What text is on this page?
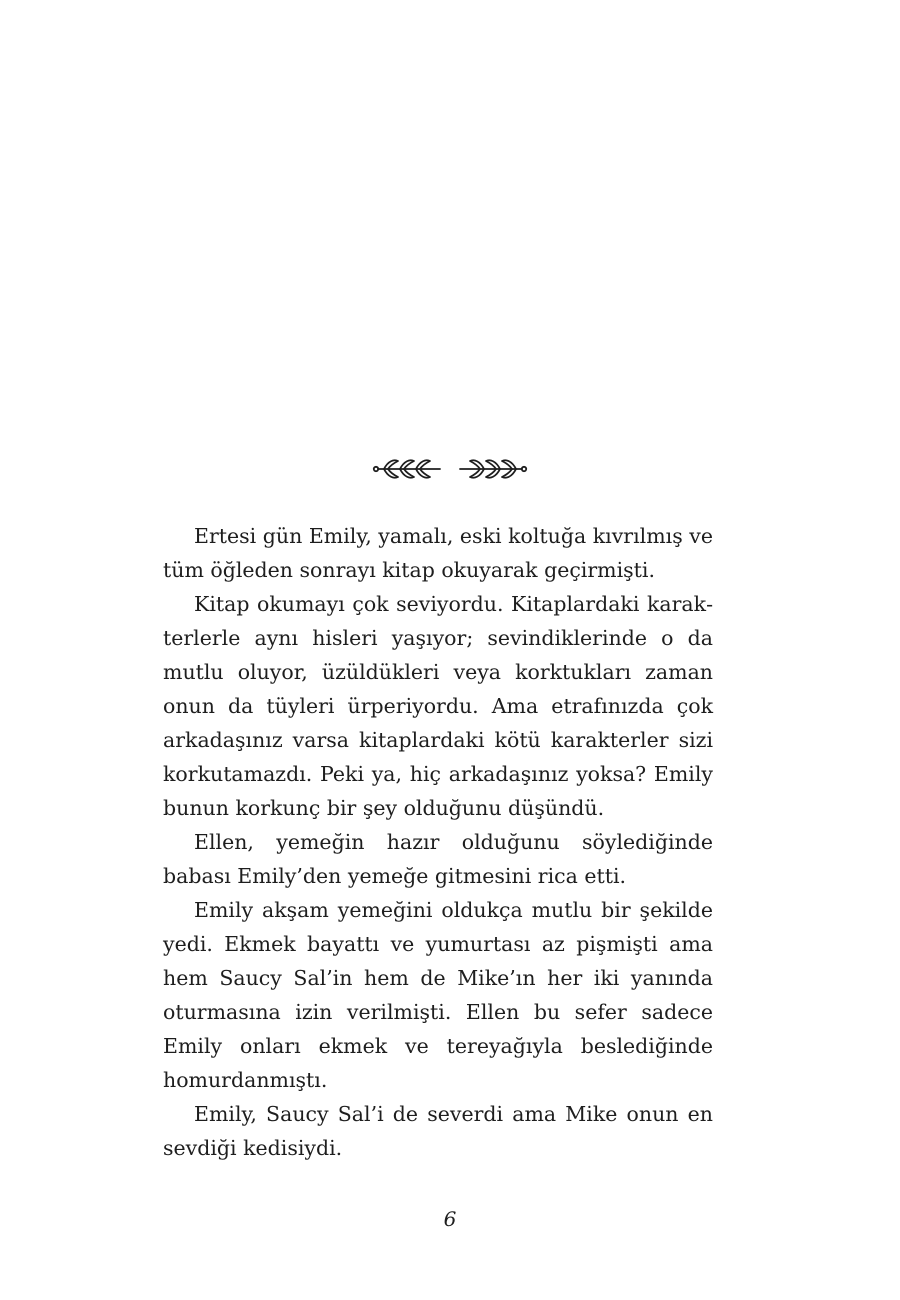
Ertesi gün Emily, yamalı, eski koltuğa kıvrılmış ve tüm öğleden sonrayı kitap okuyarak geçirmişti.

Kitap okumayı çok seviyordu. Kitaplardaki karakterlerle aynı hisleri yaşıyor; sevindiklerinde o da mutlu oluyor, üzüldükleri veya korktukları zaman onun da tüyleri ürperiyordu. Ama etrafınızda çok arkadaşınız varsa kitaplardaki kötü karakterler sizi korkutamazdı. Peki ya, hiç arkadaşınız yoksa? Emily bunun korkunç bir şey olduğunu düşündü.

Ellen, yemeğin hazır olduğunu söylediğinde babası Emily’den yemeğe gitmesini rica etti.

Emily akşam yemeğini oldukça mutlu bir şekilde yedi. Ekmek bayattı ve yumurtası az pişmişti ama hem Saucy Sal’in hem de Mike’ın her iki yanında oturmasına izin verilmişti. Ellen bu sefer sadece Emily onları ekmek ve tereyağıyla beslediğinde homurdanmıştı.

Emily, Saucy Sal’i de severdi ama Mike onun en sevdiği kedisiydi.

6
